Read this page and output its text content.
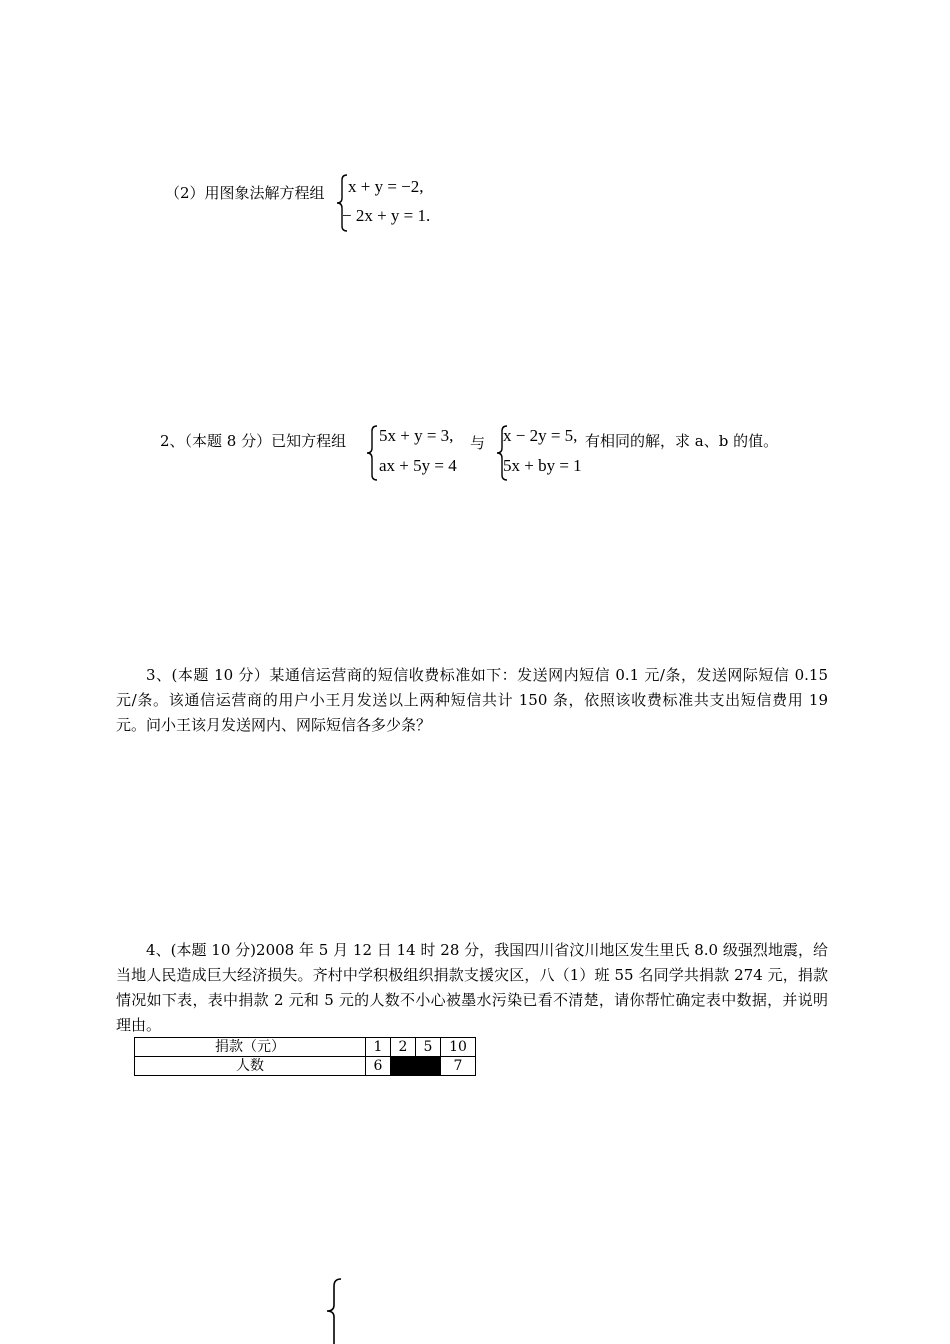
（2）用图象法解方程组 x + y = −2,
− 2x + y = 1.
2、（本题 8 分）已知方程组 5x + y = 3,
ax + 5y = 4
与 x − 2y = 5,
5x + by = 1
有相同的解，求 a、b 的值。

3、(本题 10 分）某通信运营商的短信收费标准如下：发送网内短信 0.1 元/条，发送网际短信 0.15 元/条。该通信运营商的用户小王月发送以上两种短信共计 150 条，依照该收费标准共支出短信费用 19 元。问小王该月发送网内、网际短信各多少条？

4、(本题 10 分)2008 年 5 月 12 日 14 时 28 分，我国四川省汶川地区发生里氏 8.0 级强烈地震，给当地人民造成巨大经济损失。齐村中学积极组织捐款支援灾区，八（1）班 55 名同学共捐款 274 元，捐款情况如下表，表中捐款 2 元和 5 元的人数不小心被墨水污染已看不清楚，请你帮忙确定表中数据，并说明理由。

捐款（元）	1	2	5	10
人数	6			7
